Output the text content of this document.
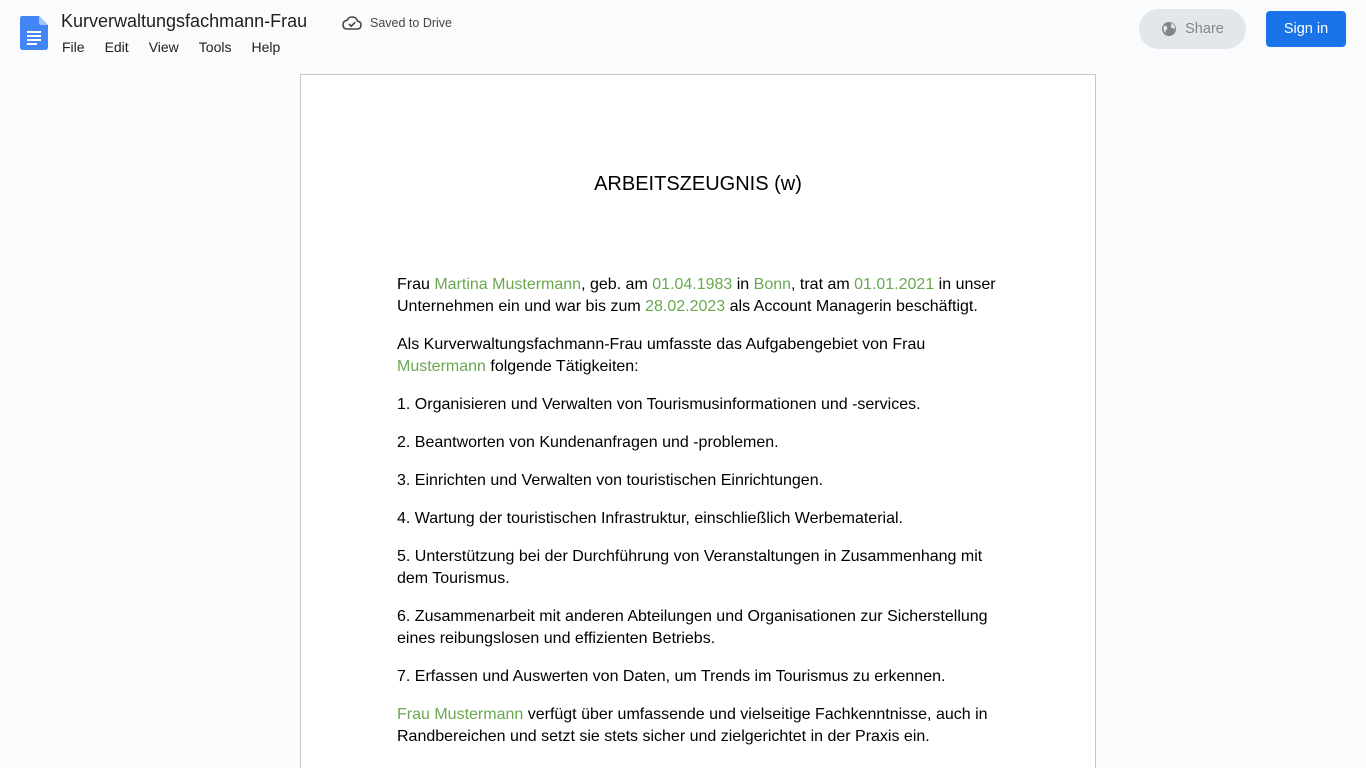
Kurverwaltungsfachmann-Frau	Saved to Drive
File	Edit	View	Tools	Help
Share	Sign in
ARBEITSZEUGNIS (w)

Frau Martina Mustermann, geb. am 01.04.1983 in Bonn, trat am 01.01.2021 in unser Unternehmen ein und war bis zum 28.02.2023 als Account Managerin beschäftigt.

Als Kurverwaltungsfachmann-Frau umfasste das Aufgabengebiet von Frau Mustermann folgende Tätigkeiten:

1. Organisieren und Verwalten von Tourismusinformationen und -services.

2. Beantworten von Kundenanfragen und -problemen.

3. Einrichten und Verwalten von touristischen Einrichtungen.

4. Wartung der touristischen Infrastruktur, einschließlich Werbematerial.

5. Unterstützung bei der Durchführung von Veranstaltungen in Zusammenhang mit dem Tourismus.

6. Zusammenarbeit mit anderen Abteilungen und Organisationen zur Sicherstellung eines reibungslosen und effizienten Betriebs.

7. Erfassen und Auswerten von Daten, um Trends im Tourismus zu erkennen.

Frau Mustermann verfügt über umfassende und vielseitige Fachkenntnisse, auch in Randbereichen und setzt sie stets sicher und zielgerichtet in der Praxis ein.
